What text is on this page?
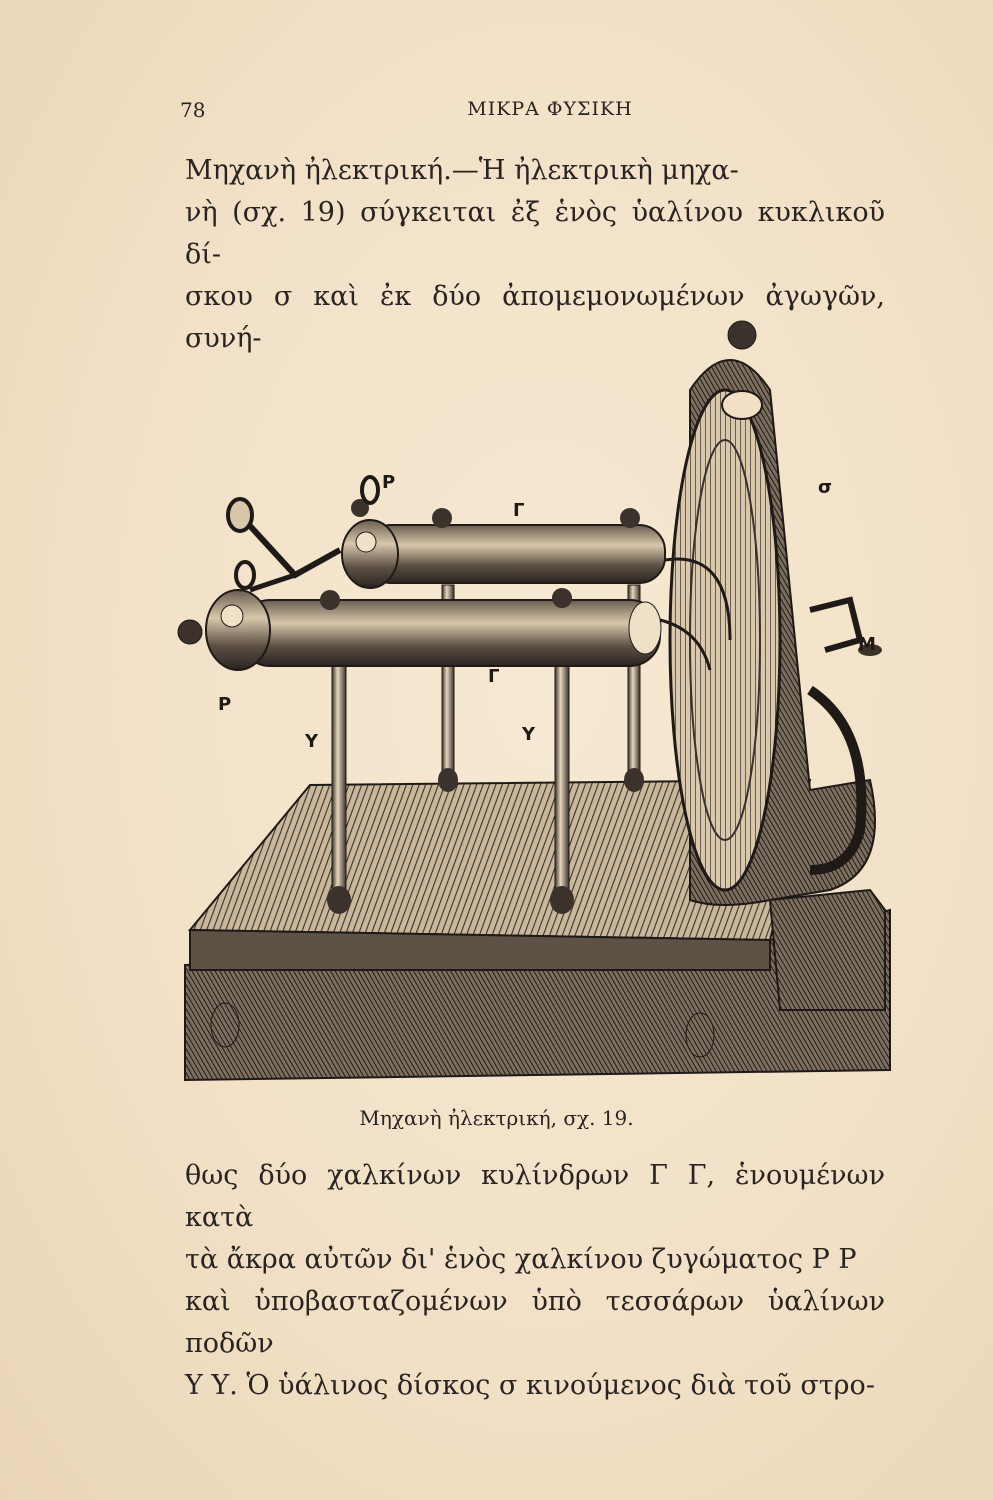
78	ΜΙΚΡΑ ΦΥΣΙΚΗ

Μηχανὴ ἠλεκτρική.—Ἡ ἠλεκτρικὴ μηχα-

νὴ (σχ. 19) σύγκειται ἐξ ἑνὸς ὑαλίνου κυκλικοῦ δί-

σκου σ καὶ ἐκ δύο ἀπομεμονωμένων ἀγωγῶν, συνή-

P
Γ
σ
M
Γ
P
Y	Y
Μηχανὴ ἠλεκτρική, σχ. 19.

θως δύο χαλκίνων κυλίνδρων Γ Γ, ἑνουμένων κατὰ

τὰ ἄκρα αὐτῶν δι' ἑνὸς χαλκίνου ζυγώματος Ρ Ρ

καὶ ὑποβασταζομένων ὑπὸ τεσσάρων ὑαλίνων ποδῶν

Υ Υ. Ὁ ὑάλινος δίσκος σ κινούμενος διὰ τοῦ στρο-
